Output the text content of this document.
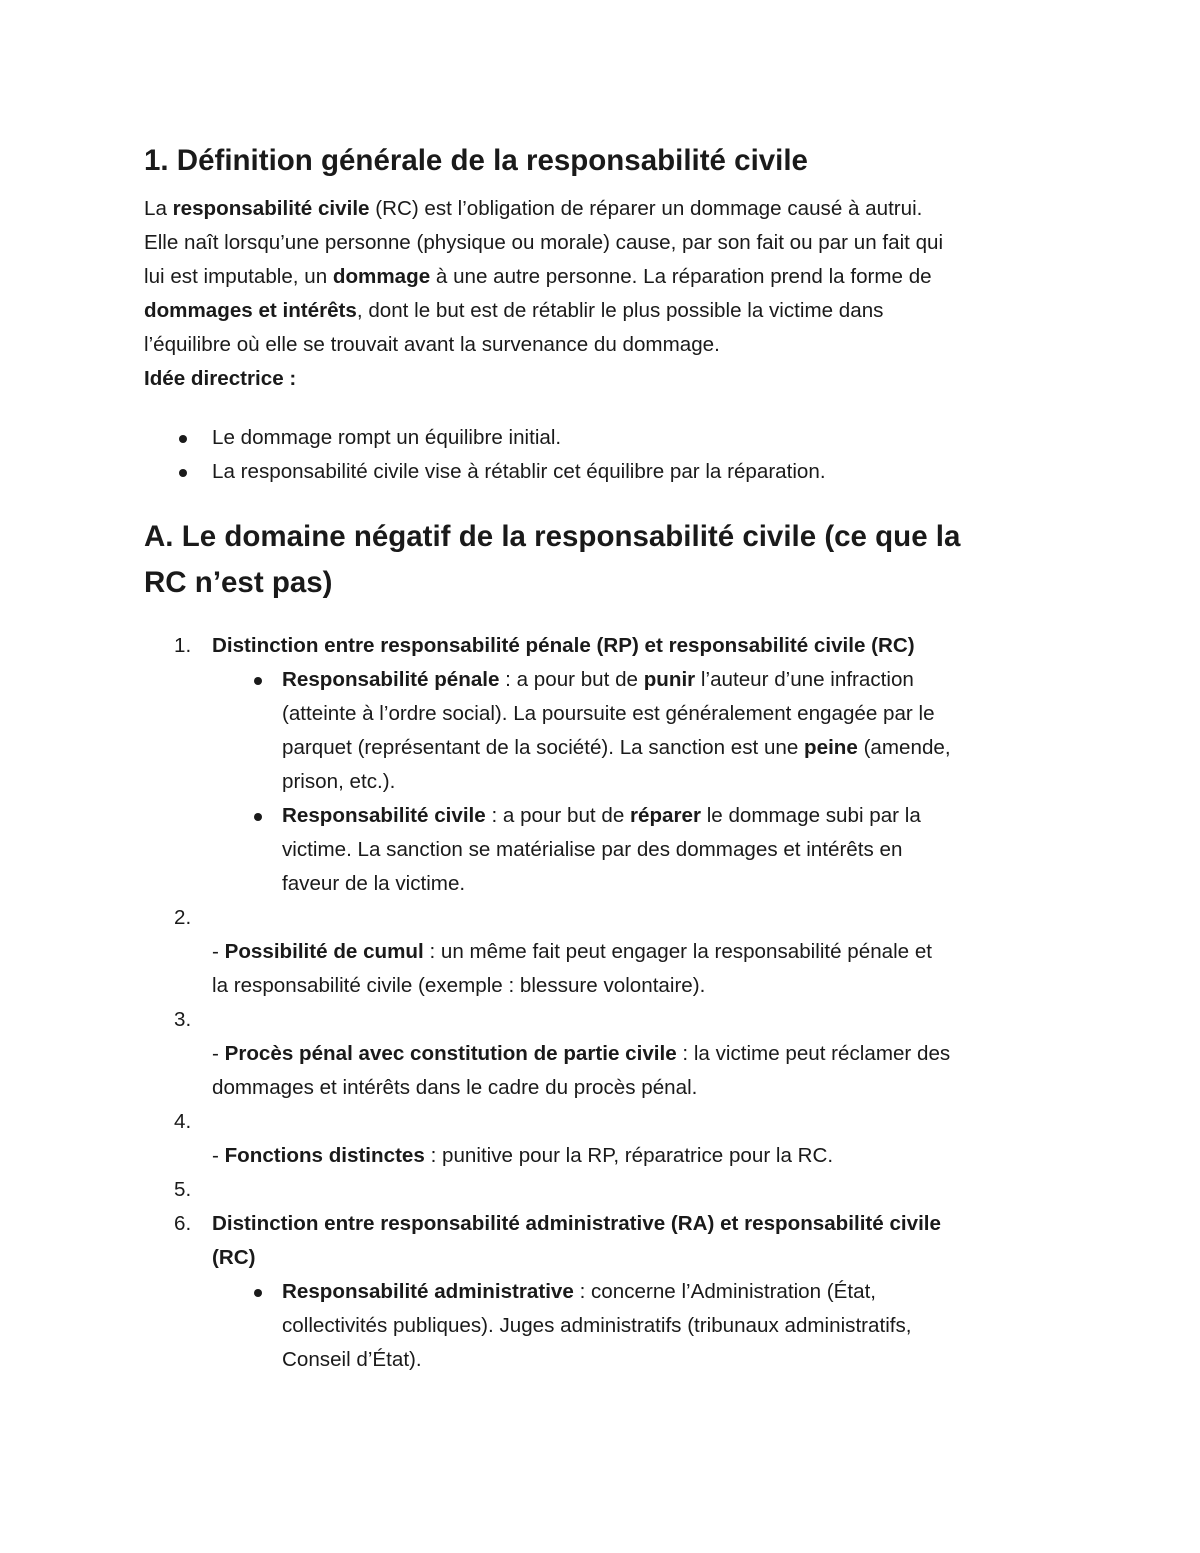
1. Définition générale de la responsabilité civile

La responsabilité civile (RC) est l’obligation de réparer un dommage causé à autrui.
Elle naît lorsqu’une personne (physique ou morale) cause, par son fait ou par un fait qui
lui est imputable, un dommage à une autre personne. La réparation prend la forme de
dommages et intérêts, dont le but est de rétablir le plus possible la victime dans
l’équilibre où elle se trouvait avant la survenance du dommage.
Idée directrice :

Le dommage rompt un équilibre initial.
La responsabilité civile vise à rétablir cet équilibre par la réparation.
A. Le domaine négatif de la responsabilité civile (ce que la
RC n’est pas)
1. Distinction entre responsabilité pénale (RP) et responsabilité civile (RC)
Responsabilité pénale : a pour but de punir l’auteur d’une infraction
(atteinte à l’ordre social). La poursuite est généralement engagée par le
parquet (représentant de la société). La sanction est une peine (amende,
prison, etc.).
Responsabilité civile : a pour but de réparer le dommage subi par la
victime. La sanction se matérialise par des dommages et intérêts en
faveur de la victime.
2.
- Possibilité de cumul : un même fait peut engager la responsabilité pénale et
la responsabilité civile (exemple : blessure volontaire).
3.
- Procès pénal avec constitution de partie civile : la victime peut réclamer des
dommages et intérêts dans le cadre du procès pénal.
4.
- Fonctions distinctes : punitive pour la RP, réparatrice pour la RC.
5.
6. Distinction entre responsabilité administrative (RA) et responsabilité civile
(RC)
Responsabilité administrative : concerne l’Administration (État,
collectivités publiques). Juges administratifs (tribunaux administratifs,
Conseil d’État).
